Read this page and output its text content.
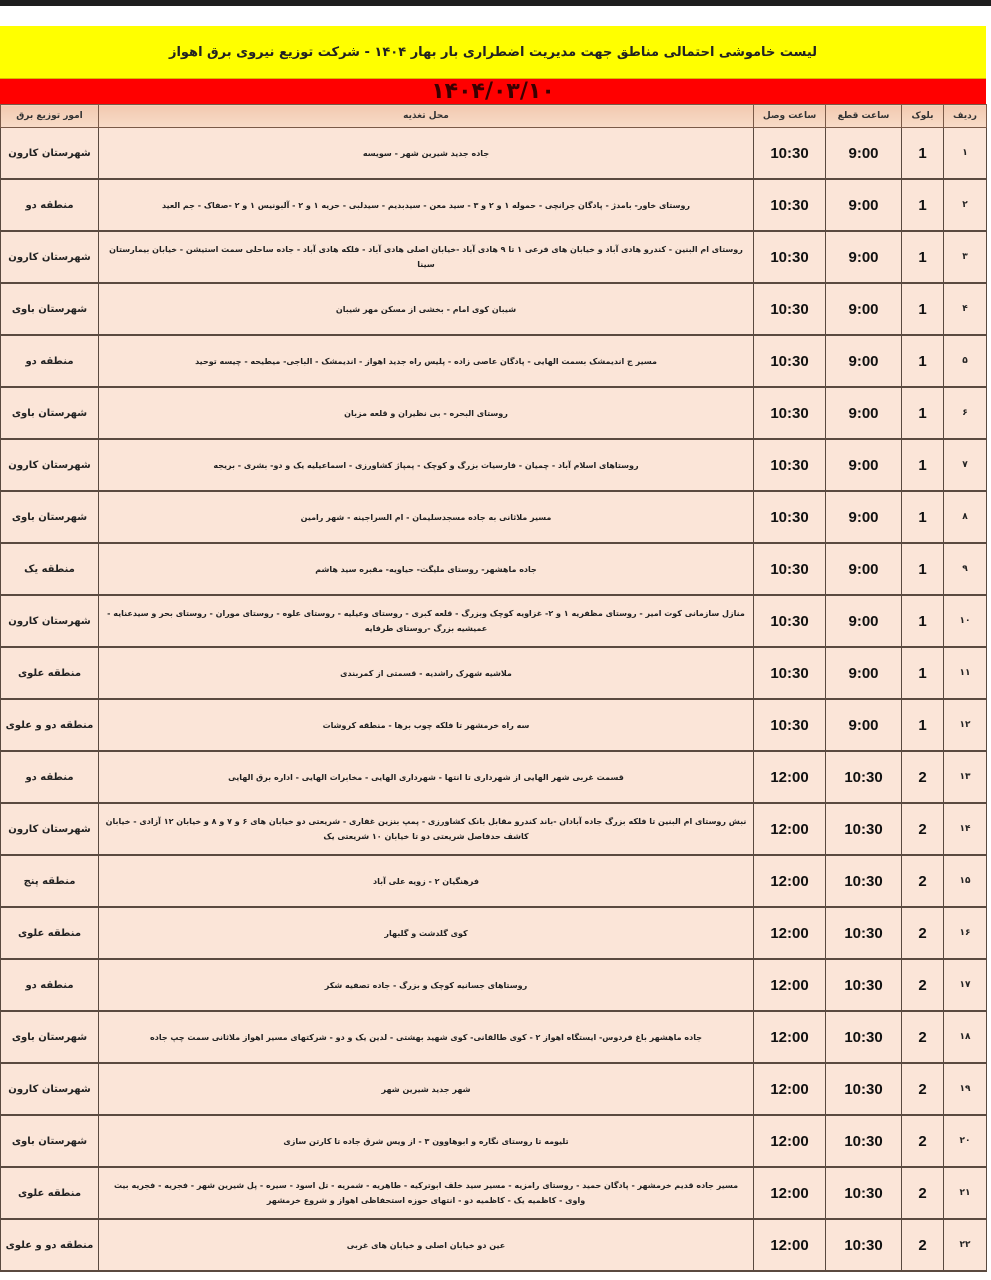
لیست خاموشی احتمالی مناطق جهت مدیریت اضطراری بار بهار ۱۴۰۴ - شرکت توزیع نیروی برق اهواز
۱۴۰۴/۰۳/۱۰
ردیف	بلوک	ساعت قطع	ساعت وصل	محل تغذیه	امور توزیع برق
۱	1	9:00	10:30	جاده جدید شیرین شهر - سویسه	شهرستان کارون
۲	1	9:00	10:30	روستای خاور- بامدژ - پادگان جرانچی - حموله ۱ و ۲ و ۳ - سید معن - سیدبدیم - سیدلبی - حریه ۱ و ۲ - آلبونیس ۱ و ۲ -صفاک - جم العید	منطقه دو
۳	1	9:00	10:30	روستای ام البنین - کندرو هادی آباد و خیابان های فرعی ۱ تا ۹ هادی آباد -خیابان اصلی هادی آباد - فلکه هادی آباد - جاده ساحلی سمت استیشن - خیابان بیمارستان سینا	شهرستان کارون
۴	1	9:00	10:30	شیبان کوی امام - بخشی از مسکن مهر شیبان	شهرستان باوی
۵	1	9:00	10:30	مسیر ج اندیمشک بسمت الهایی - پادگان عاصی زاده - پلیس راه جدید اهواز - اندیمشک - الباجی- میطیحه - چیسه توحید	منطقه دو
۶	1	9:00	10:30	روستای البحره - بی نظیران و قلعه مزبان	شهرستان باوی
۷	1	9:00	10:30	روستاهای اسلام آباد - چمیان - فارسیات بزرگ و کوچک - پمپاژ کشاورزی - اسماعیلیه یک و دو- بشری - بریجه	شهرستان کارون
۸	1	9:00	10:30	مسیر ملاثانی به جاده مسجدسلیمان - ام السراجینه - شهر رامین	شهرستان باوی
۹	1	9:00	10:30	جاده ماهشهر- روستای ملیگت- حیاویه- مقبره سید هاشم	منطقه یک
۱۰	1	9:00	10:30	منازل سازمانی کوت امیر - روستای مظفریه ۱ و ۲- غزاویه کوچک وبزرگ - قلعه کبری - روستای وعیلیه - روستای علوه - روستای موران - روستای بحر و سیدعنایه - عمیشیه بزرگ -روستای طرفایه	شهرستان کارون
۱۱	1	9:00	10:30	ملاشیه شهرک راشدیه - قسمتی از کمربندی	منطقه علوی
۱۲	1	9:00	10:30	سه راه خرمشهر تا فلکه چوب برها - منطقه کروشات	منطقه دو و علوی
۱۳	2	10:30	12:00	قسمت غربی شهر الهایی از شهرداری تا انتها - شهرداری الهایی - مخابرات الهایی - اداره برق الهایی	منطقه دو
۱۴	2	10:30	12:00	نبش روستای ام البنین تا فلکه بزرگ جاده آبادان -باند کندرو مقابل بانک کشاورزی - پمپ بنزین غفاری - شریعتی دو خیابان های ۶ و ۷ و ۸ و خیابان ۱۲ آزادی - خیابان کاشف حدفاصل شریعتی دو تا خیابان ۱۰ شریعتی یک	شهرستان کارون
۱۵	2	10:30	12:00	فرهنگیان ۲ - زویه علی آباد	منطقه پنج
۱۶	2	10:30	12:00	کوی گلدشت و گلبهار	منطقه علوی
۱۷	2	10:30	12:00	روستاهای جسانیه کوچک و بزرگ - جاده تصفیه شکر	منطقه دو
۱۸	2	10:30	12:00	جاده ماهشهر باغ فردوس- ایستگاه اهواز ۲ - کوی طالقانی- کوی شهید بهشتی - لدین یک و دو - شرکتهای مسیر اهواز ملاثانی سمت چپ جاده	شهرستان باوی
۱۹	2	10:30	12:00	شهر جدید شیرین شهر	شهرستان کارون
۲۰	2	10:30	12:00	تلیومه تا روستای نگاره و ابوهاوون ۳ - از ویس شرق جاده تا کارتن سازی	شهرستان باوی
۲۱	2	10:30	12:00	مسیر جاده قدیم خرمشهر - پادگان حمید - روستای رامزیه - مسیر سید خلف ابوترکیه - طاهریه - شمریه - تل اسود - سیره - پل شیرین شهر - فجریه - فجریه بیت واوی - کاظمیه یک - کاظمیه دو - انتهای حوزه استحفاظی اهواز و شروع خرمشهر	منطقه علوی
۲۲	2	10:30	12:00	عین دو خیابان اصلی و خیابان های غربی	منطقه دو و علوی
